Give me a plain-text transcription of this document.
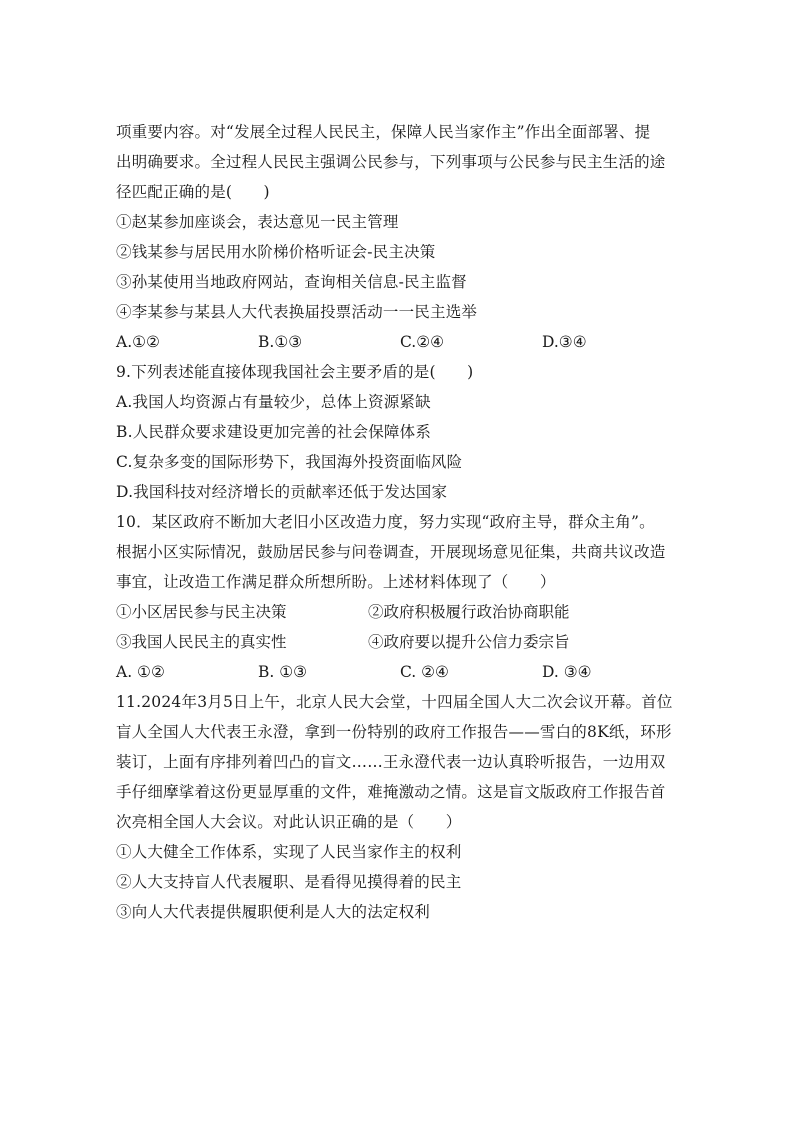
项重要内容。对“发展全过程人民民主，保障人民当家作主”作出全面部署、提
出明确要求。全过程人民民主强调公民参与，下列事项与公民参与民主生活的途
径匹配正确的是(　　)
①赵某参加座谈会，表达意见一民主管理
②钱某参与居民用水阶梯价格听证会-民主决策
③孙某使用当地政府网站，查询相关信息-民主监督
④李某参与某县人大代表换届投票活动一一民主选举
A.①②	B.①③	C.②④	D.③④
9.下列表述能直接体现我国社会主要矛盾的是(　　)
A.我国人均资源占有量较少，总体上资源紧缺
B.人民群众要求建设更加完善的社会保障体系
C.复杂多变的国际形势下，我国海外投资面临风险
D.我国科技对经济增长的贡献率还低于发达国家
10．某区政府不断加大老旧小区改造力度，努力实现“政府主导，群众主角”。
根据小区实际情况，鼓励居民参与问卷调查，开展现场意见征集，共商共议改造
事宜，让改造工作满足群众所想所盼。上述材料体现了（　　）
①小区居民参与民主决策	②政府积极履行政治协商职能
③我国人民民主的真实性	④政府要以提升公信力委宗旨
A. ①②	B. ①③	C. ②④	D. ③④
11.2024年3月5日上午，北京人民大会堂，十四届全国人大二次会议开幕。首位
盲人全国人大代表王永澄，拿到一份特别的政府工作报告——雪白的8K纸，环形
装订，上面有序排列着凹凸的盲文……王永澄代表一边认真聆听报告，一边用双
手仔细摩挲着这份更显厚重的文件，难掩激动之情。这是盲文版政府工作报告首
次亮相全国人大会议。对此认识正确的是（　　）
①人大健全工作体系，实现了人民当家作主的权利
②人大支持盲人代表履职、是看得见摸得着的民主
③向人大代表提供履职便利是人大的法定权利
